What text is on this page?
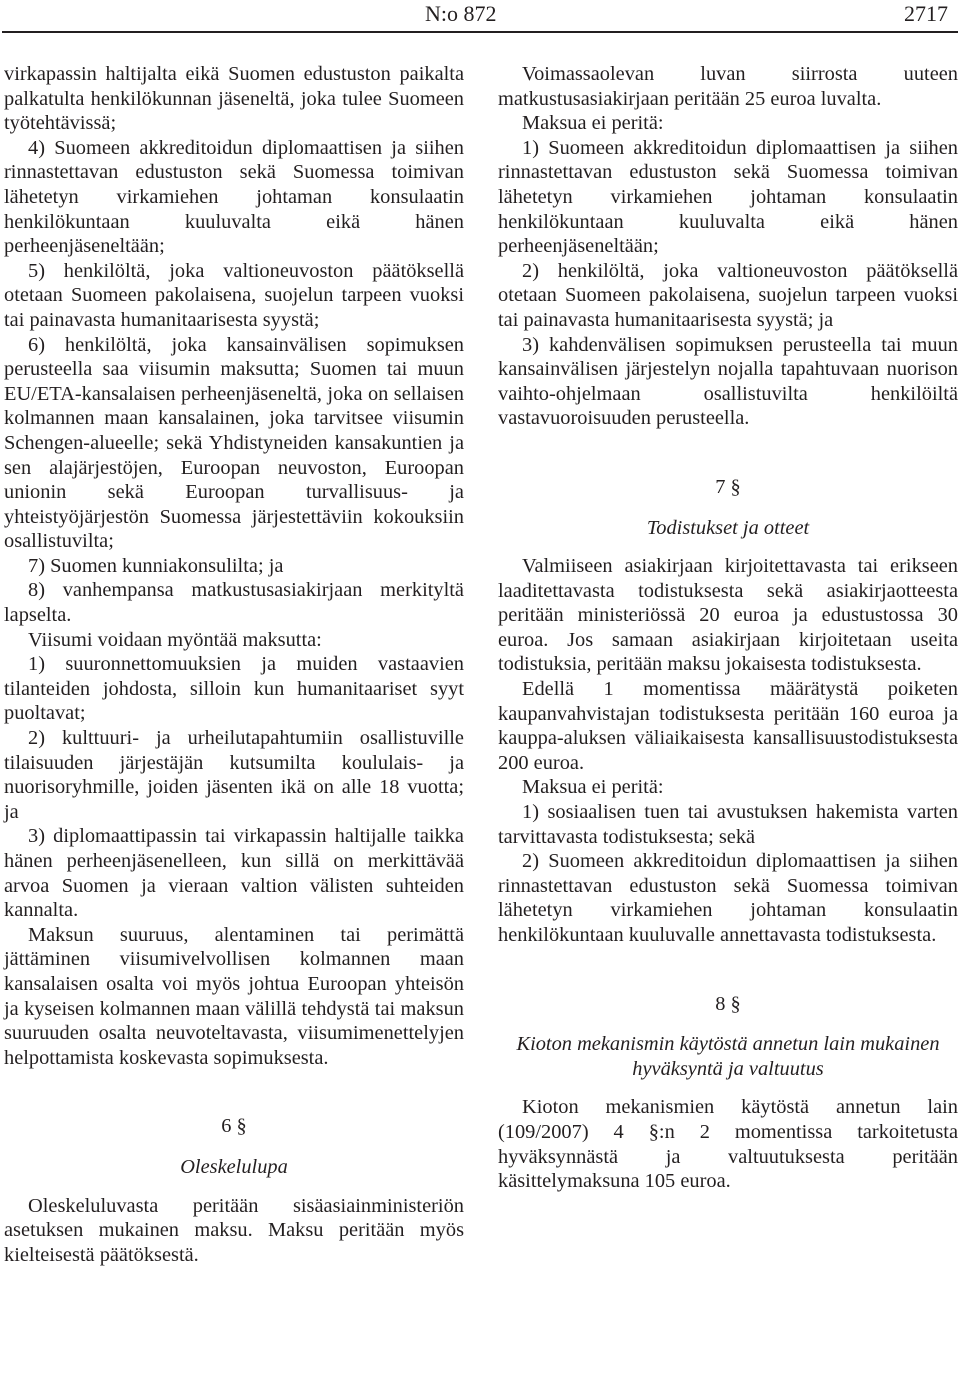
N:o 872	2717

virkapassin haltijalta eikä Suomen edustuston paikalta palkatulta henkilökunnan jäseneltä, joka tulee Suomeen työtehtävissä;

4) Suomeen akkreditoidun diplomaattisen ja siihen rinnastettavan edustuston sekä Suomessa toimivan lähetetyn virkamiehen johtaman konsulaatin henkilökuntaan kuuluvalta eikä hänen perheenjäseneltään;

5) henkilöltä, joka valtioneuvoston päätöksellä otetaan Suomeen pakolaisena, suojelun tarpeen vuoksi tai painavasta humanitaarisesta syystä;

6) henkilöltä, joka kansainvälisen sopimuksen perusteella saa viisumin maksutta; Suomen tai muun EU/ETA-kansalaisen perheenjäseneltä, joka on sellaisen kolmannen maan kansalainen, joka tarvitsee viisumin Schengen-alueelle; sekä Yhdistyneiden kansakuntien ja sen alajärjestöjen, Euroopan neuvoston, Euroopan unionin sekä Euroopan turvallisuus- ja yhteistyöjärjestön Suomessa järjestettäviin kokouksiin osallistuvilta;

7) Suomen kunniakonsulilta; ja

8) vanhempansa matkustusasiakirjaan merkityltä lapselta.

Viisumi voidaan myöntää maksutta:

1) suuronnettomuuksien ja muiden vastaavien tilanteiden johdosta, silloin kun humanitaariset syyt puoltavat;

2) kulttuuri- ja urheilutapahtumiin osallistuville tilaisuuden järjestäjän kutsumilta koululais- ja nuorisoryhmille, joiden jäsenten ikä on alle 18 vuotta; ja

3) diplomaattipassin tai virkapassin haltijalle taikka hänen perheenjäsenelleen, kun sillä on merkittävää arvoa Suomen ja vieraan valtion välisten suhteiden kannalta.

Maksun suuruus, alentaminen tai perimättä jättäminen viisumivelvollisen kolmannen maan kansalaisen osalta voi myös johtua Euroopan yhteisön ja kyseisen kolmannen maan välillä tehdystä tai maksun suuruuden osalta neuvoteltavasta, viisumimenettelyjen helpottamista koskevasta sopimuksesta.

6 §

Oleskelulupa

Oleskeluluvasta peritään sisäasiainministeriön asetuksen mukainen maksu. Maksu peritään myös kielteisestä päätöksestä.

Voimassaolevan luvan siirrosta uuteen matkustusasiakirjaan peritään 25 euroa luvalta.

Maksua ei peritä:

1) Suomeen akkreditoidun diplomaattisen ja siihen rinnastettavan edustuston sekä Suomessa toimivan lähetetyn virkamiehen johtaman konsulaatin henkilökuntaan kuuluvalta eikä hänen perheenjäseneltään;

2) henkilöltä, joka valtioneuvoston päätöksellä otetaan Suomeen pakolaisena, suojelun tarpeen vuoksi tai painavasta humanitaarisesta syystä; ja

3) kahdenvälisen sopimuksen perusteella tai muun kansainvälisen järjestelyn nojalla tapahtuvaan nuorison vaihto-ohjelmaan osallistuvilta henkilöiltä vastavuoroisuuden perusteella.

7 §

Todistukset ja otteet

Valmiiseen asiakirjaan kirjoitettavasta tai erikseen laaditettavasta todistuksesta sekä asiakirjaotteesta peritään ministeriössä 20 euroa ja edustustossa 30 euroa. Jos samaan asiakirjaan kirjoitetaan useita todistuksia, peritään maksu jokaisesta todistuksesta.

Edellä 1 momentissa määrätystä poiketen kaupanvahvistajan todistuksesta peritään 160 euroa ja kauppa-aluksen väliaikaisesta kansallisuustodistuksesta 200 euroa.

Maksua ei peritä:

1) sosiaalisen tuen tai avustuksen hakemista varten tarvittavasta todistuksesta; sekä

2) Suomeen akkreditoidun diplomaattisen ja siihen rinnastettavan edustuston sekä Suomessa toimivan lähetetyn virkamiehen johtaman konsulaatin henkilökuntaan kuuluvalle annettavasta todistuksesta.

8 §

Kioton mekanismin käytöstä annetun lain mukainen hyväksyntä ja valtuutus

Kioton mekanismien käytöstä annetun lain (109/2007) 4 §:n 2 momentissa tarkoitetusta hyväksynnästä ja valtuutuksesta peritään käsittelymaksuna 105 euroa.
